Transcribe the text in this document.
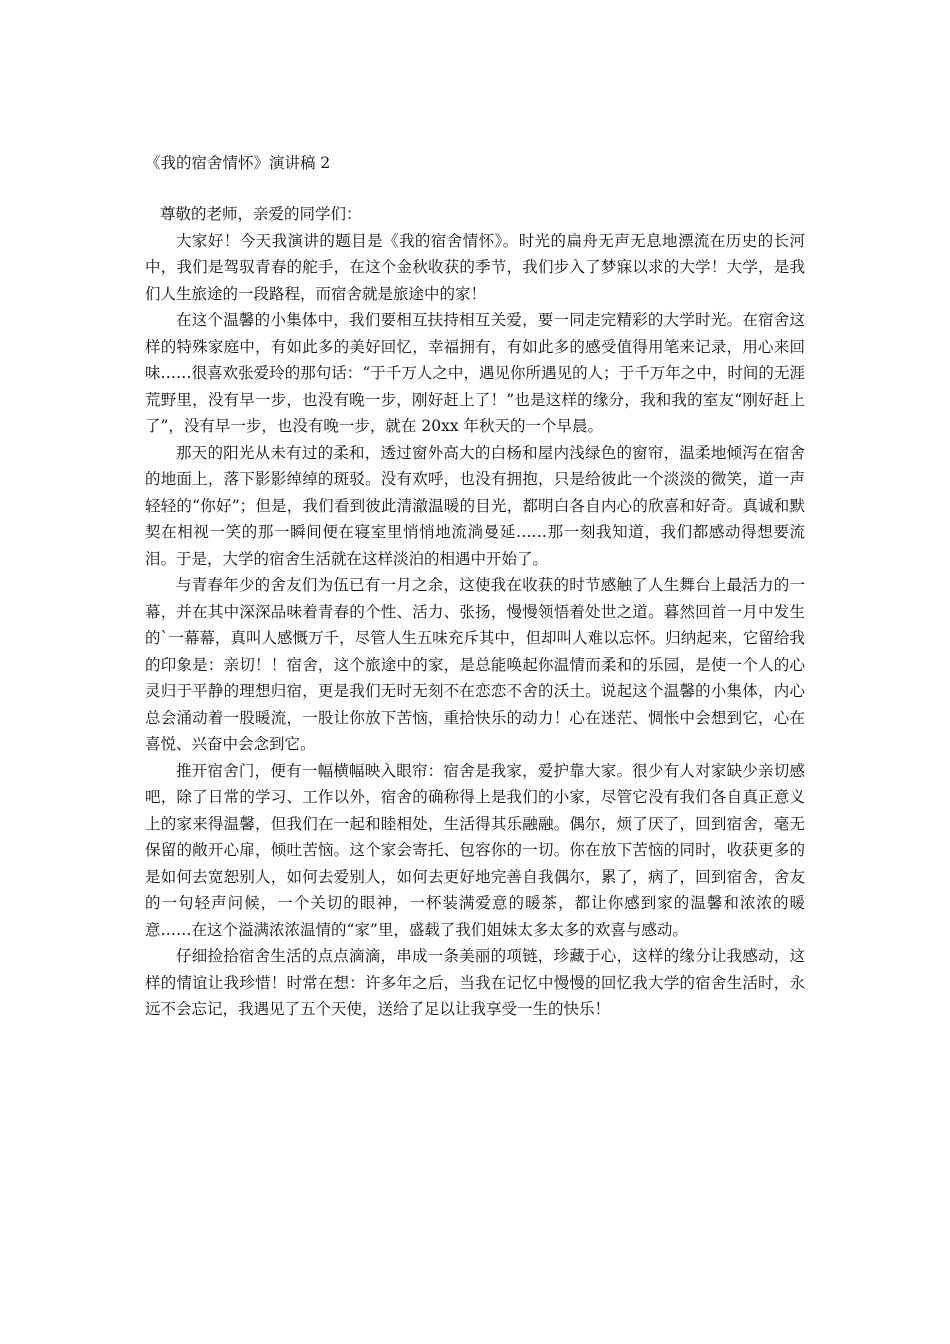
《我的宿舍情怀》演讲稿 2

尊敬的老师，亲爱的同学们：

大家好！今天我演讲的题目是《我的宿舍情怀》。时光的扁舟无声无息地漂流在历史的长河中，我们是驾驭青春的舵手，在这个金秋收获的季节，我们步入了梦寐以求的大学！大学，是我们人生旅途的一段路程，而宿舍就是旅途中的家！

在这个温馨的小集体中，我们要相互扶持相互关爱，要一同走完精彩的大学时光。在宿舍这样的特殊家庭中，有如此多的美好回忆，幸福拥有，有如此多的感受值得用笔来记录，用心来回味……很喜欢张爱玲的那句话：“于千万人之中，遇见你所遇见的人；于千万年之中，时间的无涯荒野里，没有早一步，也没有晚一步，刚好赶上了！”也是这样的缘分，我和我的室友“刚好赶上了”，没有早一步，也没有晚一步，就在 20xx 年秋天的一个早晨。

那天的阳光从未有过的柔和，透过窗外高大的白杨和屋内浅绿色的窗帘，温柔地倾泻在宿舍的地面上，落下影影绰绰的斑驳。没有欢呼，也没有拥抱，只是给彼此一个淡淡的微笑，道一声轻轻的“你好”；但是，我们看到彼此清澈温暖的目光，都明白各自内心的欣喜和好奇。真诚和默契在相视一笑的那一瞬间便在寝室里悄悄地流淌曼延……那一刻我知道，我们都感动得想要流泪。于是，大学的宿舍生活就在这样淡泊的相遇中开始了。

与青春年少的舍友们为伍已有一月之余，这使我在收获的时节感触了人生舞台上最活力的一幕，并在其中深深品味着青春的个性、活力、张扬，慢慢领悟着处世之道。暮然回首一月中发生的`一幕幕，真叫人感慨万千，尽管人生五味充斥其中，但却叫人难以忘怀。归纳起来，它留给我的印象是：亲切！！宿舍，这个旅途中的家，是总能唤起你温情而柔和的乐园，是使一个人的心灵归于平静的理想归宿，更是我们无时无刻不在恋恋不舍的沃土。说起这个温馨的小集体，内心总会涌动着一股暖流，一股让你放下苦恼，重拾快乐的动力！心在迷茫、惆怅中会想到它，心在喜悦、兴奋中会念到它。

推开宿舍门，便有一幅横幅映入眼帘：宿舍是我家，爱护靠大家。很少有人对家缺少亲切感吧，除了日常的学习、工作以外，宿舍的确称得上是我们的小家，尽管它没有我们各自真正意义上的家来得温馨，但我们在一起和睦相处，生活得其乐融融。偶尔，烦了厌了，回到宿舍，毫无保留的敞开心扉，倾吐苦恼。这个家会寄托、包容你的一切。你在放下苦恼的同时，收获更多的是如何去宽恕别人，如何去爱别人，如何去更好地完善自我偶尔，累了，病了，回到宿舍，舍友的一句轻声问候，一个关切的眼神，一杯装满爱意的暖茶，都让你感到家的温馨和浓浓的暖意……在这个溢满浓浓温情的“家”里，盛载了我们姐妹太多太多的欢喜与感动。

仔细捡拾宿舍生活的点点滴滴，串成一条美丽的项链，珍藏于心，这样的缘分让我感动，这样的情谊让我珍惜！时常在想：许多年之后，当我在记忆中慢慢的回忆我大学的宿舍生活时，永远不会忘记，我遇见了五个天使，送给了足以让我享受一生的快乐！
